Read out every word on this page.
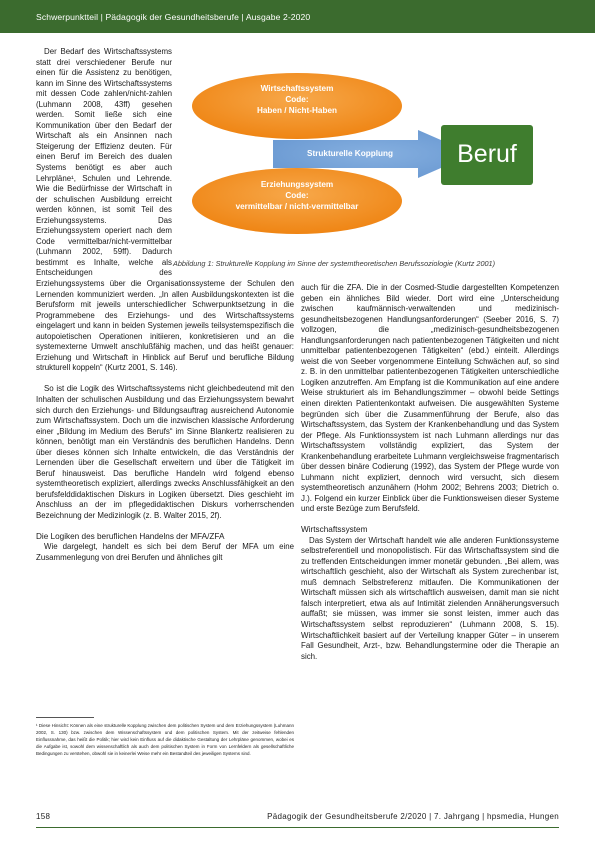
Schwerpunktteil | Pädagogik der Gesundheitsberufe | Ausgabe 2-2020

Der Bedarf des Wirtschaftssystems statt drei verschiedener Berufe nur einen für die Assistenz zu benötigen, kann im Sinne des Wirtschaftssystems mit dessen Code zahlen/nicht-zahlen (Luhmann 2008, 43ff) gesehen werden. Somit ließe sich eine Kommunikation über den Bedarf der Wirtschaft als ein Ansinnen nach Steigerung der Effizienz deuten. Für einen Beruf im Bereich des dualen Systems benötigt es aber auch Lehrpläne¹, Schulen und Lehrende. Wie die Bedürfnisse der Wirtschaft in der schulischen Ausbildung erreicht werden können, ist somit Teil des Erziehungssystems. Das Erziehungssystem operiert nach dem Code vermittelbar/nicht-vermittelbar (Luhmann 2002, 59ff). Dadurch bestimmt es Inhalte, welche als Entscheidungen des Erziehungssystems über die Organisationssysteme der Schulen den Lernenden kommuniziert werden. „In allen Ausbildungskontexten ist die Berufsform mit jeweils unterschiedlicher Schwerpunktsetzung in die Programmebene des Erziehungs- und des Wirtschaftssystems eingelagert und kann in beiden Systemen jeweils teilsystemspezifisch die autopoietischen Operationen initiieren, konkretisieren und an die systemexterne Umwelt anschlußfähig machen, und das heißt genauer: Erziehung und Wirtschaft in Hinblick auf Beruf und berufliche Bildung strukturell koppeln“ (Kurtz 2001, S. 146).

So ist die Logik des Wirtschaftssystems nicht gleichbedeutend mit den Inhalten der schulischen Ausbildung und das Erziehungssystem bewahrt sich durch den Erziehungs- und Bildungsauftrag ausreichend Autonomie zum Wirtschaftssystem. Doch um die inzwischen klassische Anforderung einer „Bildung im Medium des Berufs“ im Sinne Blankertz realisieren zu können, benötigt man ein Verständnis des beruflichen Handelns. Denn über dieses können sich Inhalte entwickeln, die das Verständnis der Lernenden über die Gesellschaft erweitern und über die Tätigkeit im Beruf hinausweist. Das berufliche Handeln wird folgend ebenso systemtheoretisch expliziert, allerdings zwecks Anschlussfähigkeit an den berufsfelddidaktischen Diskurs in Logiken übersetzt. Dies geschieht im Anschluss an der im pflegedidaktischen Diskurs vorherrschenden Bezeichnung der Medizinlogik (z. B. Walter 2015, 2f).

Die Logiken des beruflichen Handelns der MFA/ZFA

Wie dargelegt, handelt es sich bei dem Beruf der MFA um eine Zusammenlegung von drei Berufen und ähnliches gilt

auch für die ZFA. Die in der Cosmed-Studie dargestellten Kompetenzen geben ein ähnliches Bild wieder. Dort wird eine „Unterscheidung zwischen kaufmännisch-verwaltenden und medizinisch-gesundheitsbezogenen Handlungsanforderungen“ (Seeber 2016, S. 7) vollzogen, die „medizinisch-gesundheitsbezogenen Handlungsanforderungen nach patientenbezogenen Tätigkeiten und nicht unmittelbar patientenbezogenen Tätigkeiten“ (ebd.) einteilt. Allerdings weist die von Seeber vorgenommene Einteilung Schwächen auf, so sind z. B. in den unmittelbar patientenbezogenen Tätigkeiten unterschiedliche Logiken anzutreffen. Am Empfang ist die Kommunikation auf eine andere Weise strukturiert als im Behandlungszimmer – obwohl beide Settings einen direkten Patientenkontakt aufweisen. Die ausgewählten Systeme begründen sich über die Zusammenführung der Berufe, also das Wirtschaftssystem, das System der Krankenbehandlung und das System der Pflege. Als Funktionssystem ist nach Luhmann allerdings nur das Wirtschaftssystem vollständig expliziert, das System der Krankenbehandlung erarbeitete Luhmann vergleichsweise fragmentarisch über dessen binäre Codierung (1992), das System der Pflege wurde von Luhmann nicht expliziert, dennoch wird versucht, sich diesem systemtheoretisch anzunähern (Hohm 2002; Behrens 2003; Dietrich o. J.). Folgend ein kurzer Einblick über die Funktionsweisen dieser Systeme und erste Bezüge zum Berufsfeld.

Wirtschaftssystem

Das System der Wirtschaft handelt wie alle anderen Funktionssysteme selbstreferentiell und monopolistisch. Für das Wirtschaftssystem sind die zu treffenden Entscheidungen immer monetär gebunden. „Bei allem, was wirtschaftlich geschieht, also der Wirtschaft als System zurechenbar ist, muß demnach Selbstreferenz mitlaufen. Die Kommunikationen der Wirtschaft müssen sich als wirtschaftlich ausweisen, damit man sie nicht falsch interpretiert, etwa als auf Intimität zielenden Annäherungsversuch auffaßt; sie müssen, was immer sie sonst leisten, immer auch das Wirtschaftssystem selbst reproduzieren“ (Luhmann 2008, S. 15). Wirtschaftlichkeit basiert auf der Verteilung knapper Güter – in unserem Fall Gesundheit, Arzt-, bzw. Behandlungstermine oder die Therapie an sich.

Wirtschaftssystem
Code:
Haben / Nicht-Haben
Strukturelle Kopplung
Erziehungssystem
Code:
vermittelbar / nicht-vermittelbar
Beruf
Abbildung 1: Strukturelle Kopplung im Sinne der systemtheoretischen Berufssoziologie (Kurtz 2001)
¹ Diese Hinsicht: Können als eine strukturelle Kopplung zwischen dem politischen System und dem Erziehungssystem (Luhmann 2002, S. 130) bzw. zwischen dem Wissenschaftssystem und dem politischen System. Mit der zeitweise fehlenden Einflussnahme, das heißt die Politik; hier wird kein Einfluss auf die didaktische Gestaltung der Lehrpläne genommen, wobei es die Aufgabe ist, sowohl dem wissenschaftlich als auch dem politischen System in Form von Lernfeldern als gesellschaftliche Bedingungen zu verstehen, obwohl sie in keinerlei Weise mehr ein Bestandteil des jeweiligen Systems sind.
158	Pädagogik der Gesundheitsberufe 2/2020 | 7. Jahrgang | hpsmedia, Hungen
